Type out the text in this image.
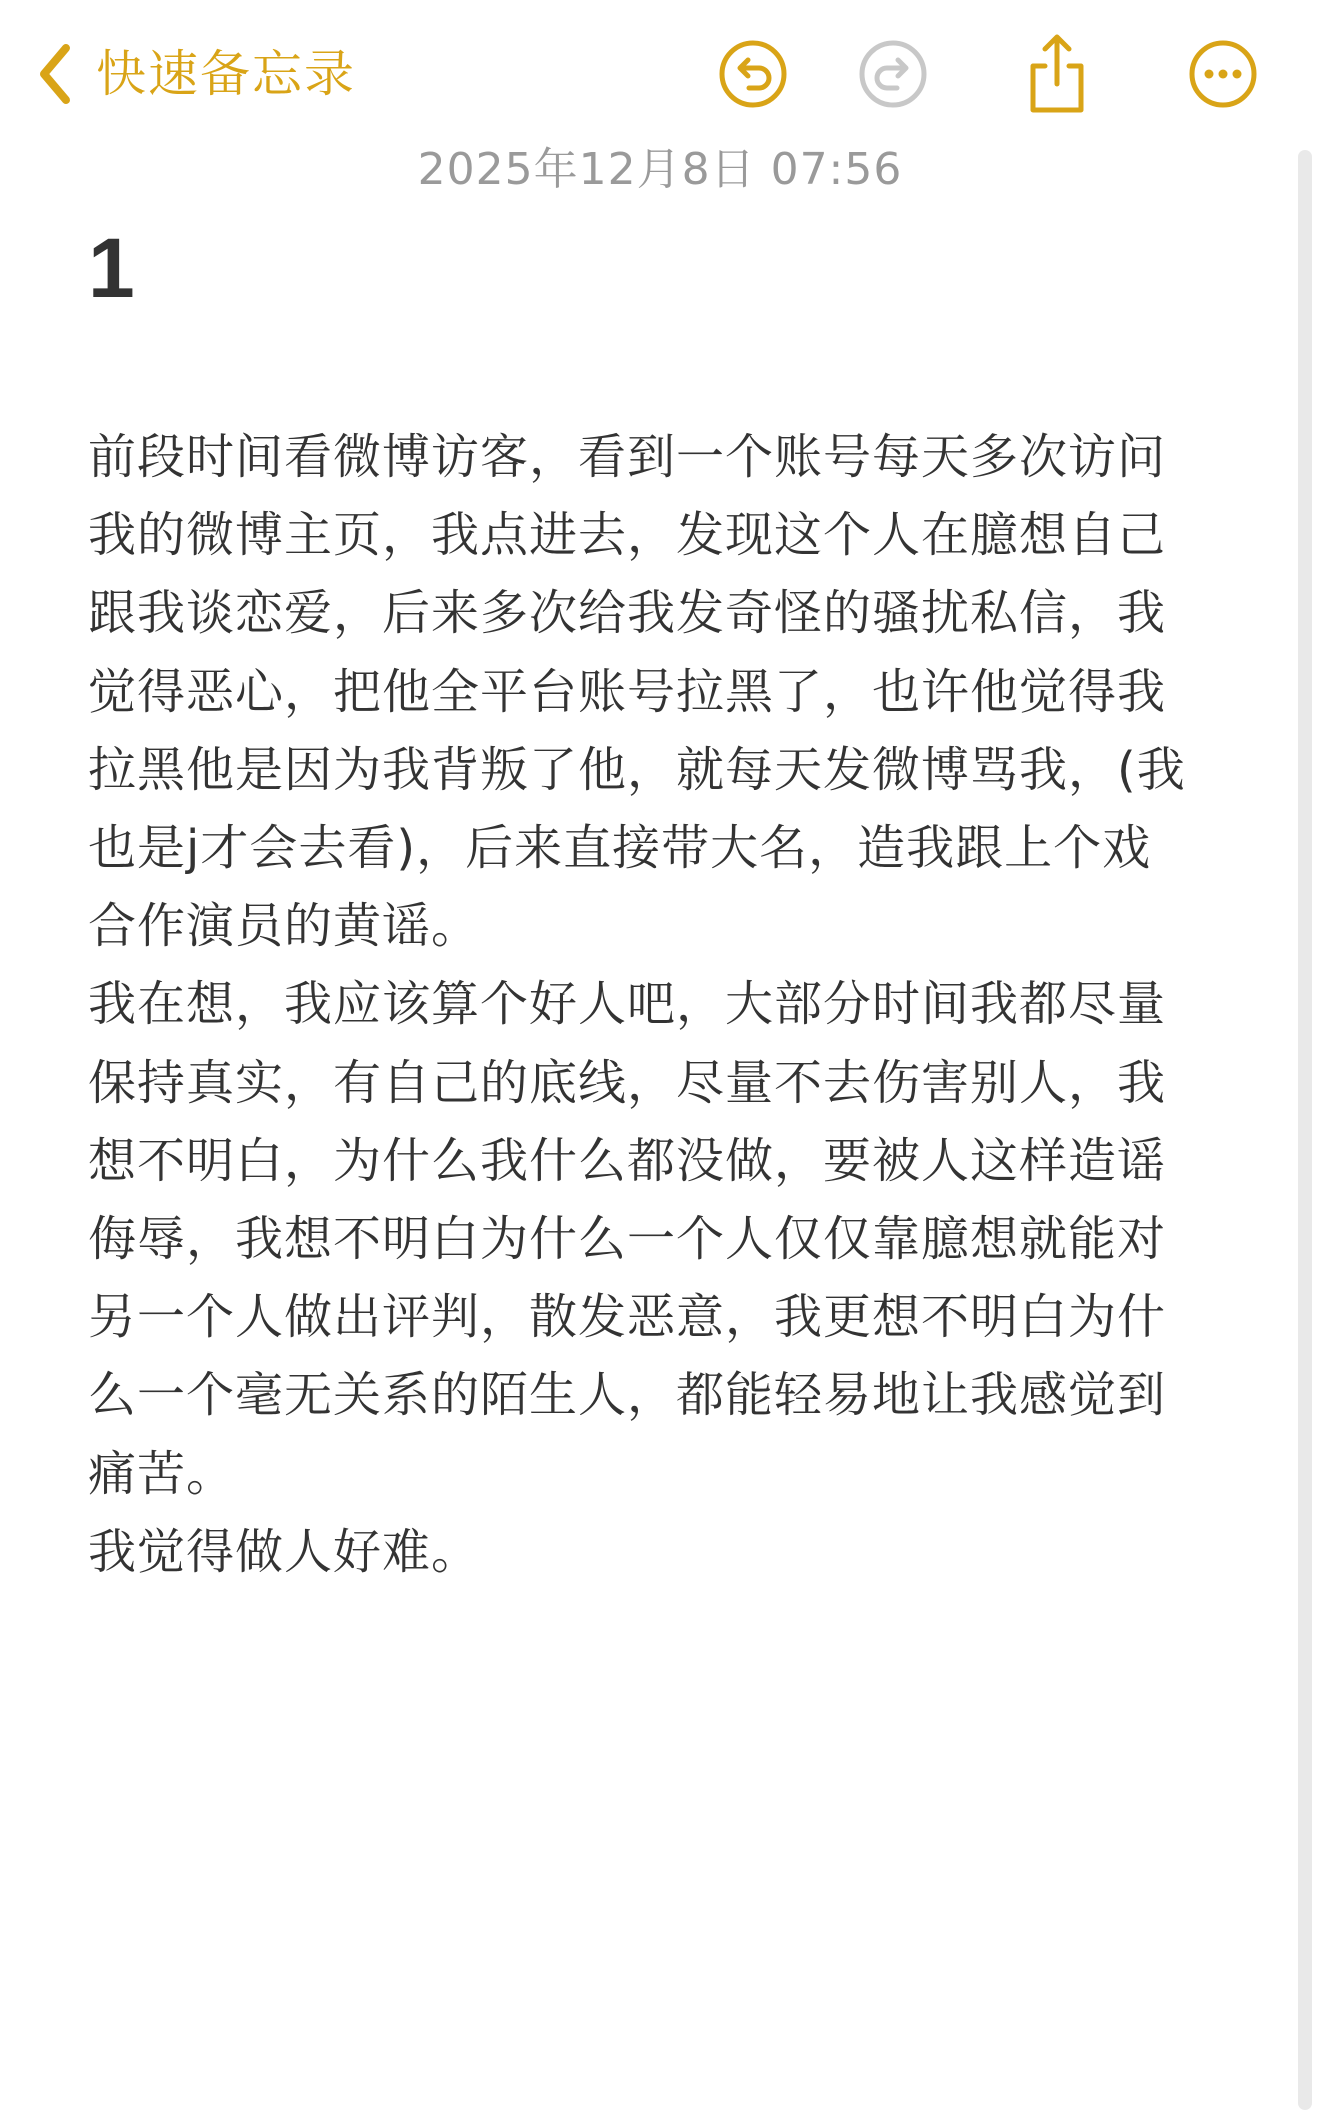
快速备忘录
2025年12月8日 07:56
1

前段时间看微博访客，看到一个账号每天多次访问
我的微博主页，我点进去，发现这个人在臆想自己
跟我谈恋爱，后来多次给我发奇怪的骚扰私信，我
觉得恶心，把他全平台账号拉黑了，也许他觉得我
拉黑他是因为我背叛了他，就每天发微博骂我，(我
也是j才会去看)，后来直接带大名，造我跟上个戏
合作演员的黄谣。

我在想，我应该算个好人吧，大部分时间我都尽量
保持真实，有自己的底线，尽量不去伤害别人，我
想不明白，为什么我什么都没做，要被人这样造谣
侮辱，我想不明白为什么一个人仅仅靠臆想就能对
另一个人做出评判，散发恶意，我更想不明白为什
么一个毫无关系的陌生人，都能轻易地让我感觉到
痛苦。

我觉得做人好难。
